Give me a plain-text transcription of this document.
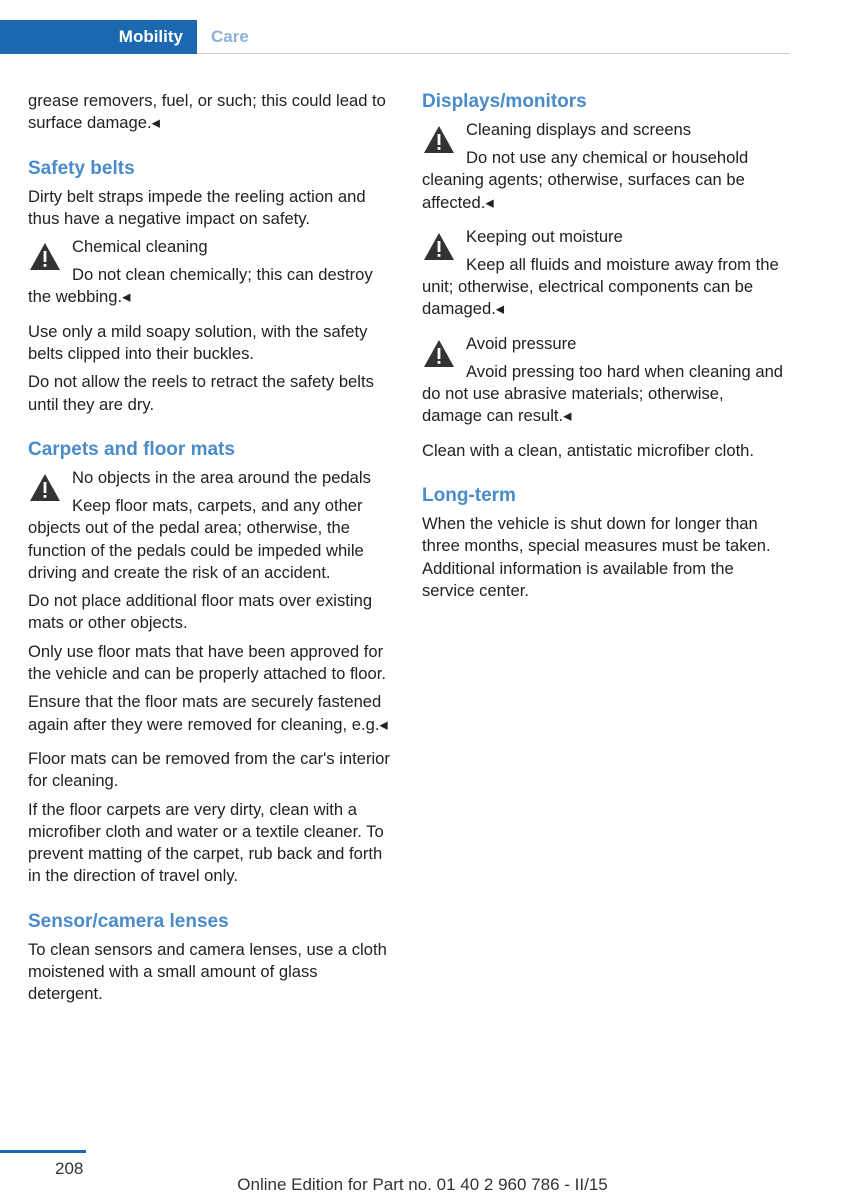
Mobility	Care

grease removers, fuel, or such; this could lead to surface damage.◂

Safety belts

Dirty belt straps impede the reeling action and thus have a negative impact on safety.

Chemical cleaning
Do not clean chemically; this can destroy the webbing.◂

Use only a mild soapy solution, with the safety belts clipped into their buckles.

Do not allow the reels to retract the safety belts until they are dry.

Carpets and floor mats
No objects in the area around the pedals
Keep floor mats, carpets, and any other objects out of the pedal area; otherwise, the function of the pedals could be impeded while driving and create the risk of an accident.

Do not place additional floor mats over existing mats or other objects.

Only use floor mats that have been approved for the vehicle and can be properly attached to floor.

Ensure that the floor mats are securely fastened again after they were removed for cleaning, e.g.◂

Floor mats can be removed from the car's interior for cleaning.

If the floor carpets are very dirty, clean with a microfiber cloth and water or a textile cleaner. To prevent matting of the carpet, rub back and forth in the direction of travel only.

Sensor/camera lenses

To clean sensors and camera lenses, use a cloth moistened with a small amount of glass detergent.

Displays/monitors
Cleaning displays and screens
Do not use any chemical or household cleaning agents; otherwise, surfaces can be affected.◂
Keeping out moisture
Keep all fluids and moisture away from the unit; otherwise, electrical components can be damaged.◂
Avoid pressure
Avoid pressing too hard when cleaning and do not use abrasive materials; otherwise, damage can result.◂

Clean with a clean, antistatic microfiber cloth.

Long-term

When the vehicle is shut down for longer than three months, special measures must be taken. Additional information is available from the service center.

208
Online Edition for Part no. 01 40 2 960 786 - II/15
